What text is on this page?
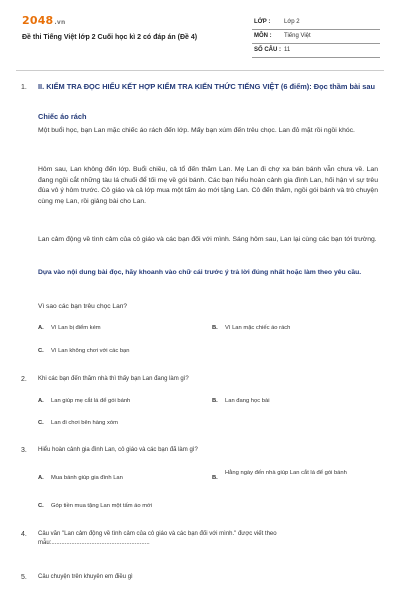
2048.vn
Đề thi Tiếng Việt lớp 2 Cuối học kì 2 có đáp án (Đề 4)
LỚP : Lớp 2
MÔN : Tiếng Việt
SỐ CÂU : 11
1. II. KIỂM TRA ĐỌC HIỂU KẾT HỢP KIỂM TRA KIẾN THỨC TIẾNG VIỆT (6 điểm): Đọc thầm bài sau
Chiếc áo rách
Một buổi học, bạn Lan mặc chiếc áo rách đến lớp. Mấy bạn xúm đến trêu chọc. Lan đỏ mặt rồi ngồi khóc.
Hôm sau, Lan không đến lớp. Buổi chiều, cả tổ đến thăm Lan. Mẹ Lan đi chợ xa bán bánh vẫn chưa về. Lan đang ngồi cắt những tàu lá chuối để tối mẹ về gói bánh. Các bạn hiểu hoàn cảnh gia đình Lan, hối hận vì sự trêu đùa vô ý hôm trước. Cô giáo và cả lớp mua một tấm áo mới tặng Lan. Cô đến thăm, ngồi gói bánh và trò chuyện cùng mẹ Lan, rồi giảng bài cho Lan.
Lan cảm động về tình cảm của cô giáo và các bạn đối với mình. Sáng hôm sau, Lan lại cùng các bạn tới trường.
Dựa vào nội dung bài đọc, hãy khoanh vào chữ cái trước ý trả lời đúng nhất hoặc làm theo yêu cầu.
Vì sao các bạn trêu chọc Lan?
A. Vì Lan bị điểm kém	B. Vì Lan mặc chiếc áo rách
C. Vì Lan không chơi với các bạn
2. Khi các bạn đến thăm nhà thì thấy bạn Lan đang làm gì?
A. Lan giúp mẹ cắt lá để gói bánh	B. Lan đang học bài
C. Lan đi chơi bên hàng xóm
3. Hiểu hoàn cảnh gia đình Lan, cô giáo và các bạn đã làm gì?
A. Mua bánh giúp gia đình Lan	B.
Hằng ngày đến nhà giúp Lan cắt lá để gói bánh
C. Góp tiền mua tặng Lan một tấm áo mới
4. Câu văn "Lan cảm động về tình cảm của cô giáo và các bạn đối với mình." được viết theo mẫu:...........................................................
5. Câu chuyện trên khuyên em điều gì
